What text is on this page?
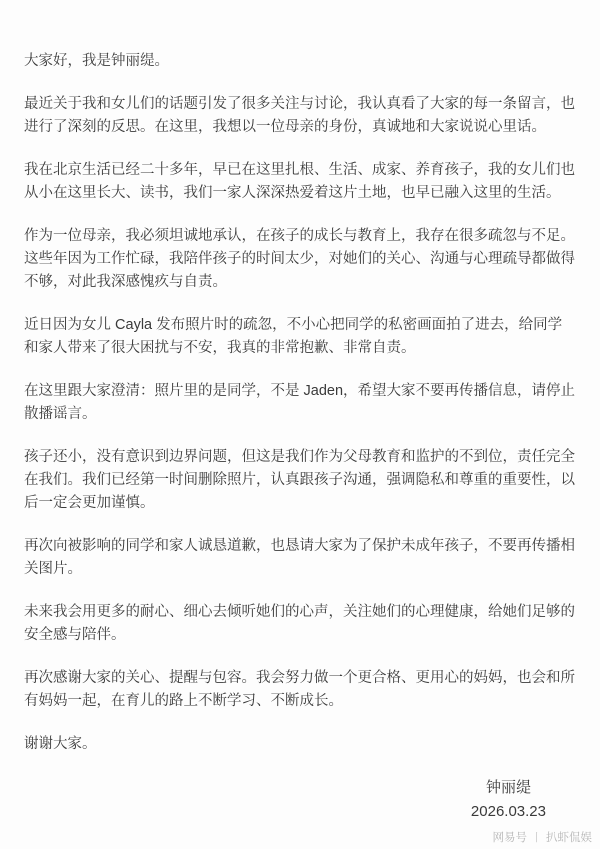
大家好，我是钟丽缇。

最近关于我和女儿们的话题引发了很多关注与讨论，我认真看了大家的每一条留言，也进行了深刻的反思。在这里，我想以一位母亲的身份，真诚地和大家说说心里话。

我在北京生活已经二十多年，早已在这里扎根、生活、成家、养育孩子，我的女儿们也从小在这里长大、读书，我们一家人深深热爱着这片土地，也早已融入这里的生活。

作为一位母亲，我必须坦诚地承认，在孩子的成长与教育上，我存在很多疏忽与不足。这些年因为工作忙碌，我陪伴孩子的时间太少，对她们的关心、沟通与心理疏导都做得不够，对此我深感愧疚与自责。

近日因为女儿 Cayla 发布照片时的疏忽，不小心把同学的私密画面拍了进去，给同学和家人带来了很大困扰与不安，我真的非常抱歉、非常自责。

在这里跟大家澄清：照片里的是同学，不是 Jaden，希望大家不要再传播信息，请停止散播谣言。

孩子还小，没有意识到边界问题，但这是我们作为父母教育和监护的不到位，责任完全在我们。我们已经第一时间删除照片，认真跟孩子沟通，强调隐私和尊重的重要性，以后一定会更加谨慎。

再次向被影响的同学和家人诚恳道歉，也恳请大家为了保护未成年孩子，不要再传播相关图片。

未来我会用更多的耐心、细心去倾听她们的心声，关注她们的心理健康，给她们足够的安全感与陪伴。

再次感谢大家的关心、提醒与包容。我会努力做一个更合格、更用心的妈妈，也会和所有妈妈一起，在育儿的路上不断学习、不断成长。

谢谢大家。

钟丽缇
2026.03.23
网易号 丨 扒虾侃娱
